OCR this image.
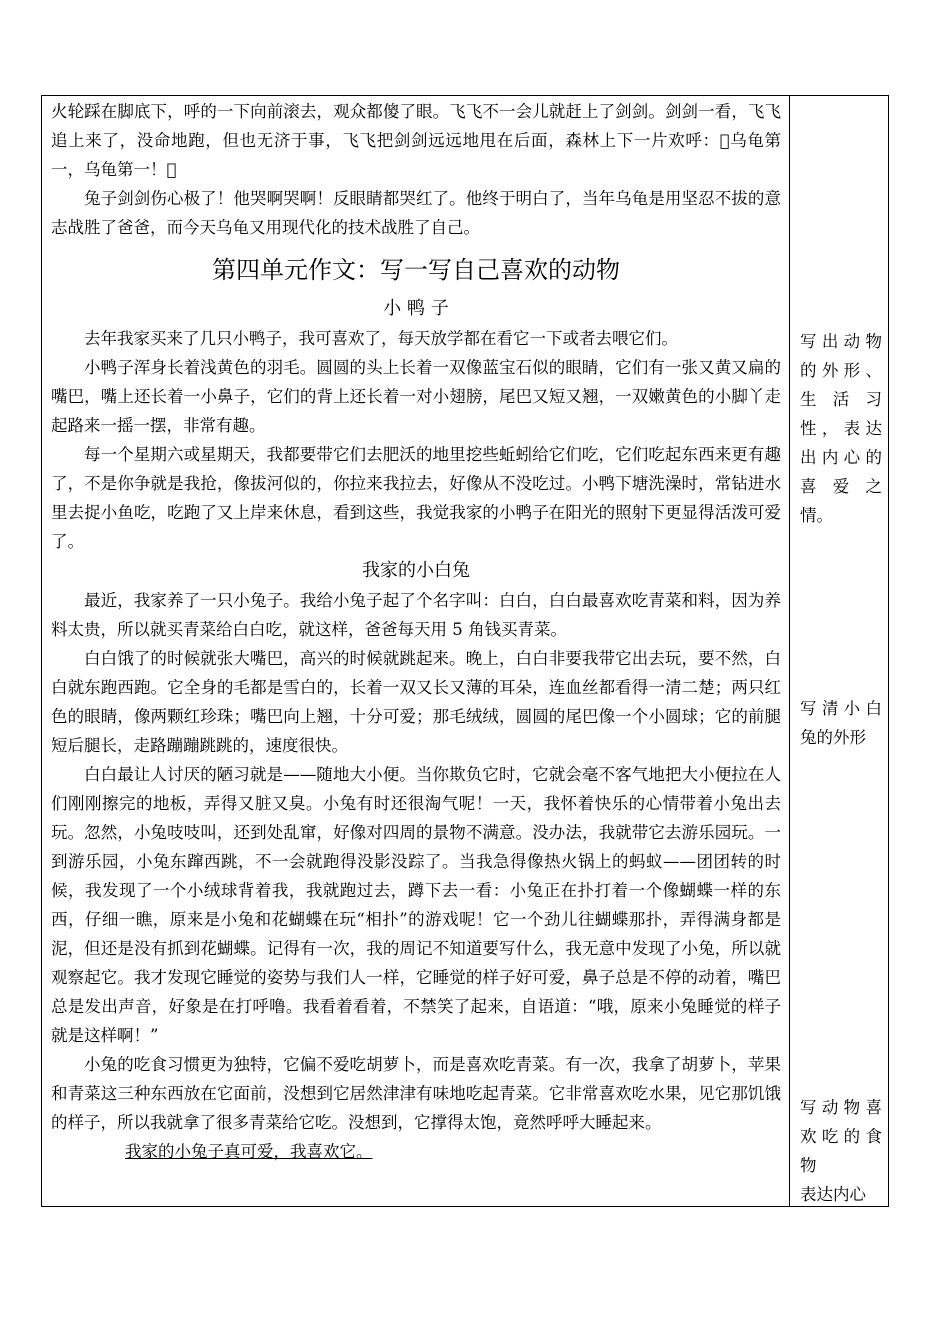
火轮踩在脚底下，呼的一下向前滚去，观众都傻了眼。飞飞不一会儿就赶上了剑剑。剑剑一看，飞飞追上来了，没命地跑，但也无济于事，飞飞把剑剑远远地甩在后面，森林上下一片欢呼： 乌龟第一，乌龟第一！ 

兔子剑剑伤心极了！他哭啊哭啊！反眼睛都哭红了。他终于明白了，当年乌龟是用坚忍不拔的意志战胜了爸爸，而今天乌龟又用现代化的技术战胜了自己。

第四单元作文：写一写自己喜欢的动物
小 鸭 子

去年我家买来了几只小鸭子，我可喜欢了，每天放学都在看它一下或者去喂它们。

小鸭子浑身长着浅黄色的羽毛。圆圆的头上长着一双像蓝宝石似的眼睛，它们有一张又黄又扁的嘴巴，嘴上还长着一小鼻子，它们的背上还长着一对小翅膀，尾巴又短又翘，一双嫩黄色的小脚丫走起路来一摇一摆，非常有趣。

每一个星期六或星期天，我都要带它们去肥沃的地里挖些蚯蚓给它们吃，它们吃起东西来更有趣了，不是你争就是我抢，像拔河似的，你拉来我拉去，好像从不没吃过。小鸭下塘洗澡时，常钻进水里去捉小鱼吃，吃跑了又上岸来休息，看到这些，我觉我家的小鸭子在阳光的照射下更显得活泼可爱了。

我家的小白兔

最近，我家养了一只小兔子。我给小兔子起了个名字叫：白白，白白最喜欢吃青菜和料，因为养料太贵，所以就买青菜给白白吃，就这样，爸爸每天用 5 角钱买青菜。

白白饿了的时候就张大嘴巴，高兴的时候就跳起来。晚上，白白非要我带它出去玩，要不然，白白就东跑西跑。它全身的毛都是雪白的，长着一双又长又薄的耳朵，连血丝都看得一清二楚；两只红色的眼睛，像两颗红珍珠；嘴巴向上翘，十分可爱；那毛绒绒，圆圆的尾巴像一个小圆球；它的前腿短后腿长，走路蹦蹦跳跳的，速度很快。

白白最让人讨厌的陋习就是——随地大小便。当你欺负它时，它就会毫不客气地把大小便拉在人们刚刚擦完的地板，弄得又脏又臭。小兔有时还很淘气呢！一天，我怀着快乐的心情带着小兔出去玩。忽然，小兔吱吱叫，还到处乱窜，好像对四周的景物不满意。没办法，我就带它去游乐园玩。一到游乐园，小兔东蹿西跳，不一会就跑得没影没踪了。当我急得像热火锅上的蚂蚁——团团转的时候，我发现了一个小绒球背着我，我就跑过去，蹲下去一看：小兔正在扑打着一个像蝴蝶一样的东西，仔细一瞧，原来是小兔和花蝴蝶在玩“相扑”的游戏呢！它一个劲儿往蝴蝶那扑，弄得满身都是泥，但还是没有抓到花蝴蝶。记得有一次，我的周记不知道要写什么，我无意中发现了小兔，所以就观察起它。我才发现它睡觉的姿势与我们人一样，它睡觉的样子好可爱，鼻子总是不停的动着，嘴巴总是发出声音，好象是在打呼噜。我看着看着，不禁笑了起来，自语道：“哦，原来小兔睡觉的样子就是这样啊！”

小兔的吃食习惯更为独特，它偏不爱吃胡萝卜，而是喜欢吃青菜。有一次，我拿了胡萝卜，苹果和青菜这三种东西放在它面前，没想到它居然津津有味地吃起青菜。它非常喜欢吃水果，见它那饥饿的样子，所以我就拿了很多青菜给它吃。没想到，它撑得太饱，竟然呼呼大睡起来。

我家的小兔子真可爱，我喜欢它。

写出动物的外形、生 活 习性，表达出内心的喜 爱 之情。
写清小白兔的外形
写动物喜欢吃的食物
表达内心
